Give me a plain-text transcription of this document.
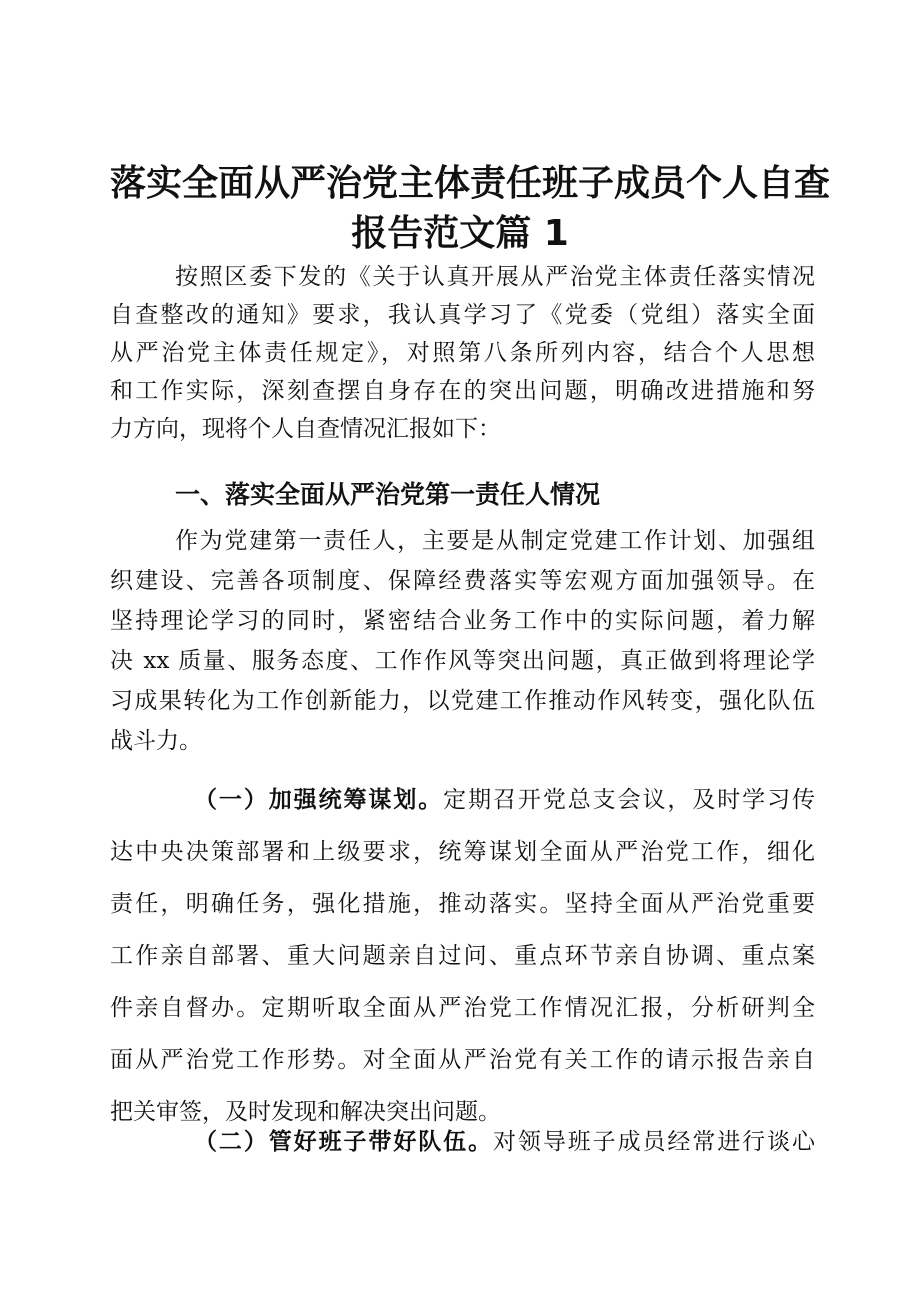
落实全面从严治党主体责任班子成员个人自查
报告范文篇 1

按照区委下发的《关于认真开展从严治党主体责任落实情况

自查整改的通知》要求，我认真学习了《党委（党组）落实全面

从严治党主体责任规定》，对照第八条所列内容，结合个人思想

和工作实际，深刻查摆自身存在的突出问题，明确改进措施和努

力方向，现将个人自查情况汇报如下：

一、落实全面从严治党第一责任人情况

作为党建第一责任人，主要是从制定党建工作计划、加强组

织建设、完善各项制度、保障经费落实等宏观方面加强领导。在

坚持理论学习的同时，紧密结合业务工作中的实际问题，着力解

决 xx 质量、服务态度、工作作风等突出问题，真正做到将理论学

习成果转化为工作创新能力，以党建工作推动作风转变，强化队伍

战斗力。

（一）加强统筹谋划。定期召开党总支会议，及时学习传

达中央决策部署和上级要求，统筹谋划全面从严治党工作，细化

责任，明确任务，强化措施，推动落实。坚持全面从严治党重要

工作亲自部署、重大问题亲自过问、重点环节亲自协调、重点案

件亲自督办。定期听取全面从严治党工作情况汇报，分析研判全

面从严治党工作形势。对全面从严治党有关工作的请示报告亲自

把关审签，及时发现和解决突出问题。

（二）管好班子带好队伍。对领导班子成员经常进行谈心
